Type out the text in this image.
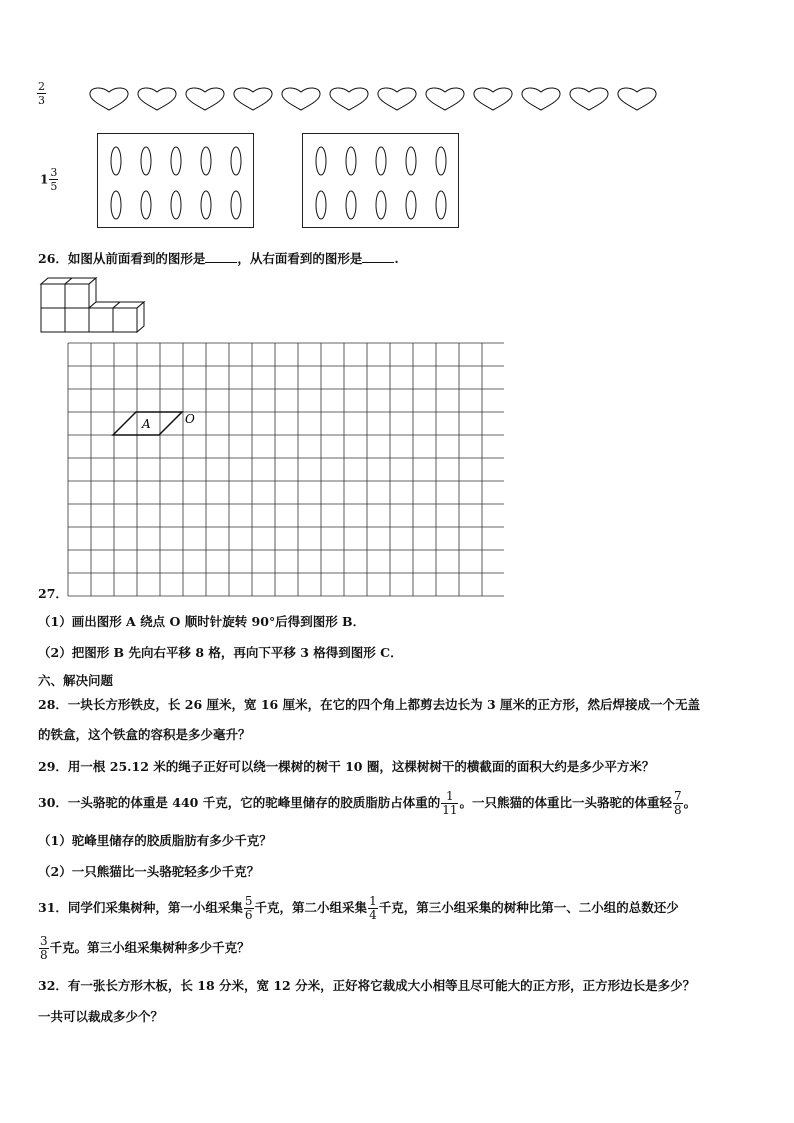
$\frac{2}{3}$
$1 \frac{3}{5}$
26．如图从前面看到的图形是	，从右面看到的图形是	.
A	O
27．
（1）画出图形 A 绕点 O 顺时针旋转 90°后得到图形 B．
（2）把图形 B 先向右平移 8 格，再向下平移 3 格得到图形 C．
六、解决问题
28．一块长方形铁皮，长 26 厘米，宽 16 厘米，在它的四个角上都剪去边长为 3 厘米的正方形，然后焊接成一个无盖
的铁盒，这个铁盒的容积是多少毫升？
29．用一根 25.12 米的绳子正好可以绕一棵树的树干 10 圈，这棵树树干的横截面的面积大约是多少平方米？
30．一头骆驼的体重是 440 千克，它的驼峰里储存的胶质脂肪占体重的 $\frac{1}{11}$ 。一只熊猫的体重比一头骆驼的体重轻 $\frac{7}{8}$ 。
（1）驼峰里储存的胶质脂肪有多少千克？
（2）一只熊猫比一头骆驼轻多少千克？
31．同学们采集树种，第一小组采集 $\frac{5}{6}$ 千克，第二小组采集 $\frac{1}{4}$ 千克，第三小组采集的树种比第一、二小组的总数还少
$\frac{3}{8}$ 千克。第三小组采集树种多少千克？
32．有一张长方形木板，长 18 分米，宽 12 分米，正好将它裁成大小相等且尽可能大的正方形，正方形边长是多少？
一共可以裁成多少个？
